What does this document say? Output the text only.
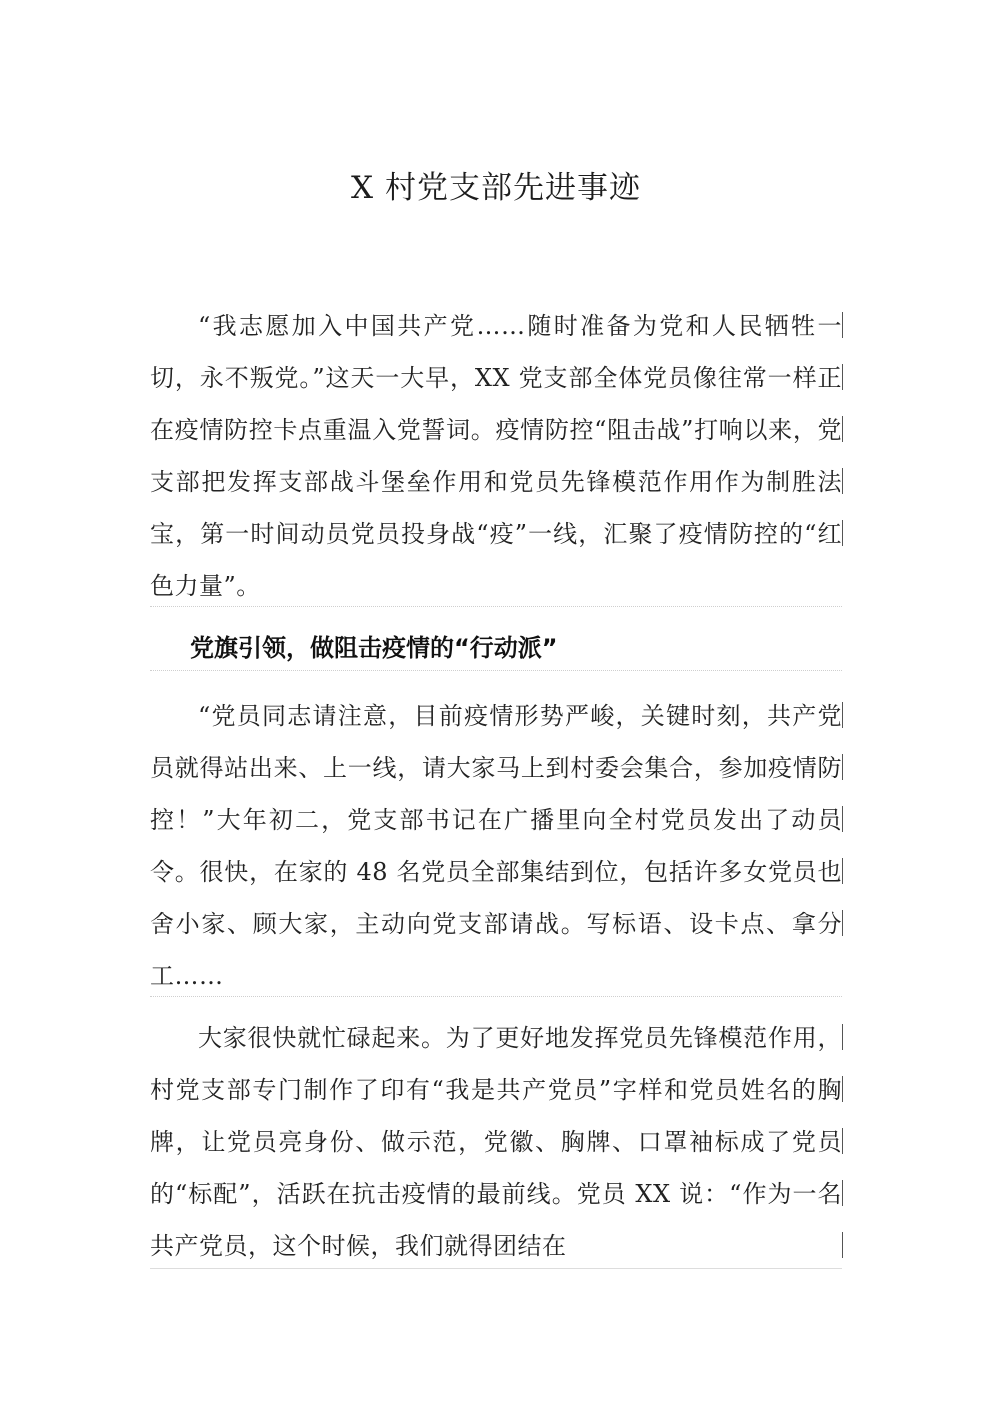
X 村党支部先进事迹

“我志愿加入中国共产党……随时准备为党和人民牺牲一切，永不叛党。”这天一大早，XX 党支部全体党员像往常一样正在疫情防控卡点重温入党誓词。疫情防控“阻击战”打响以来，党支部把发挥支部战斗堡垒作用和党员先锋模范作用作为制胜法宝，第一时间动员党员投身战“疫”一线，汇聚了疫情防控的“红色力量”。

党旗引领，做阻击疫情的“行动派”

“党员同志请注意，目前疫情形势严峻，关键时刻，共产党员就得站出来、上一线，请大家马上到村委会集合，参加疫情防控！”大年初二，党支部书记在广播里向全村党员发出了动员令。很快，在家的 48 名党员全部集结到位，包括许多女党员也舍小家、顾大家，主动向党支部请战。写标语、设卡点、拿分工……

大家很快就忙碌起来。为了更好地发挥党员先锋模范作用，村党支部专门制作了印有“我是共产党员”字样和党员姓名的胸牌，让党员亮身份、做示范，党徽、胸牌、口罩袖标成了党员的“标配”，活跃在抗击疫情的最前线。党员 XX 说：“作为一名共产党员，这个时候，我们就得团结在
